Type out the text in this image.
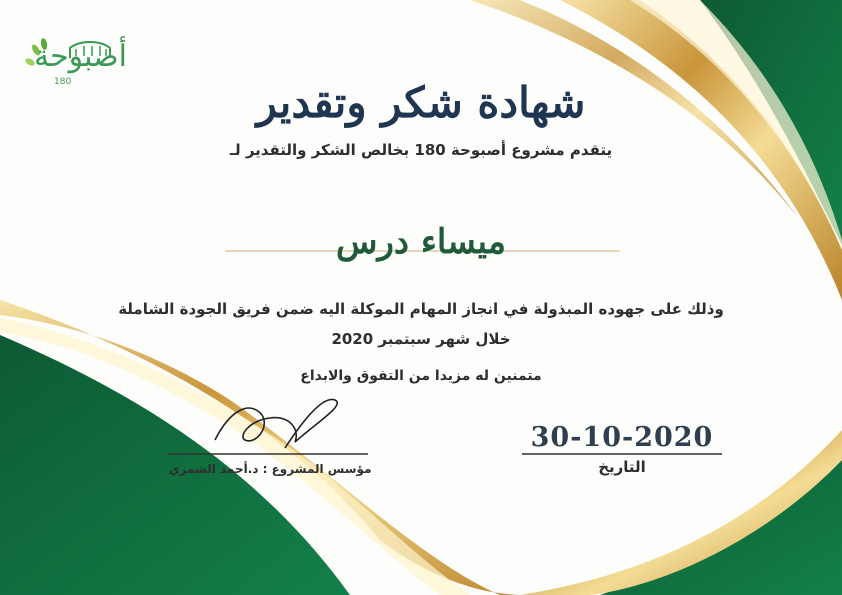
أصبوحة
180	شهادة شكر وتقدير
يتقدم مشروع أصبوحة 180 بخالص الشكر والتقدير لـ
ميساء درس
وذلك على جهوده المبذولة في انجاز المهام الموكلة اليه ضمن فريق الجودة الشاملة
خلال شهر سبتمبر 2020
متمنين له مزيدا من التفوق والابداع
30-10-2020
التاريخ
مؤسس المشروع : د.أحمد الشمري
